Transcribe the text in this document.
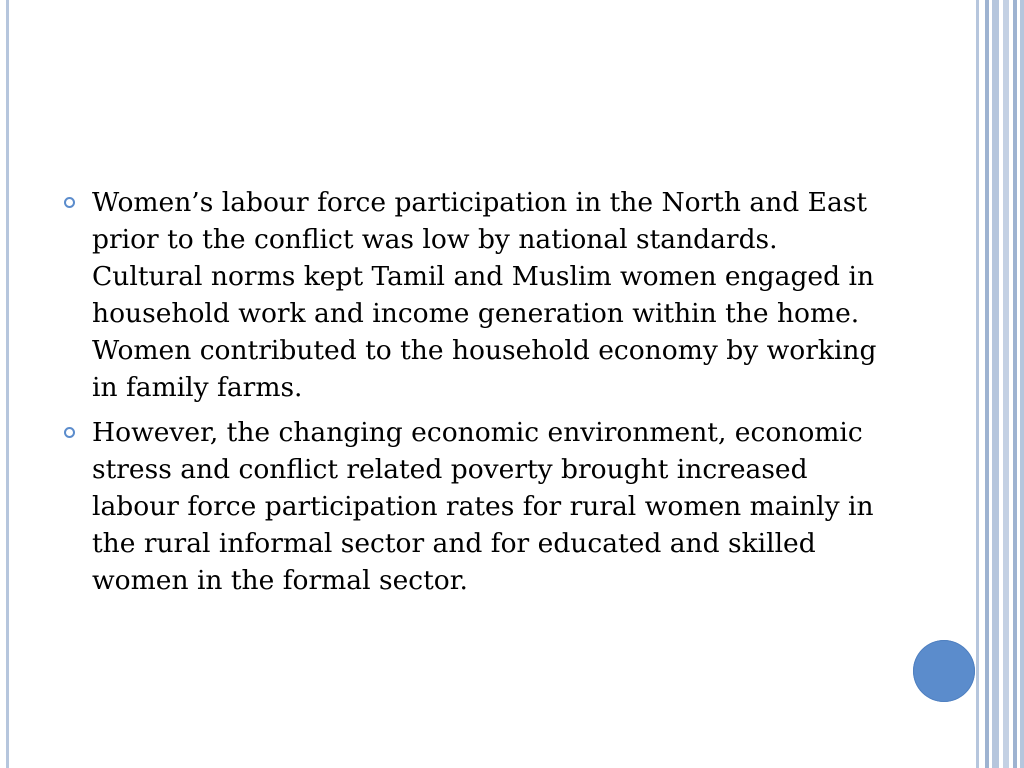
Women’s labour force participation in the North and East prior to the conflict was low by national standards. Cultural norms kept Tamil and Muslim women engaged in household work and income generation within the home. Women contributed to the household economy by working in family farms.
However, the changing economic environment, economic stress and conflict related poverty brought increased labour force participation rates for rural women mainly in the rural informal sector and for educated and skilled women in the formal sector.
